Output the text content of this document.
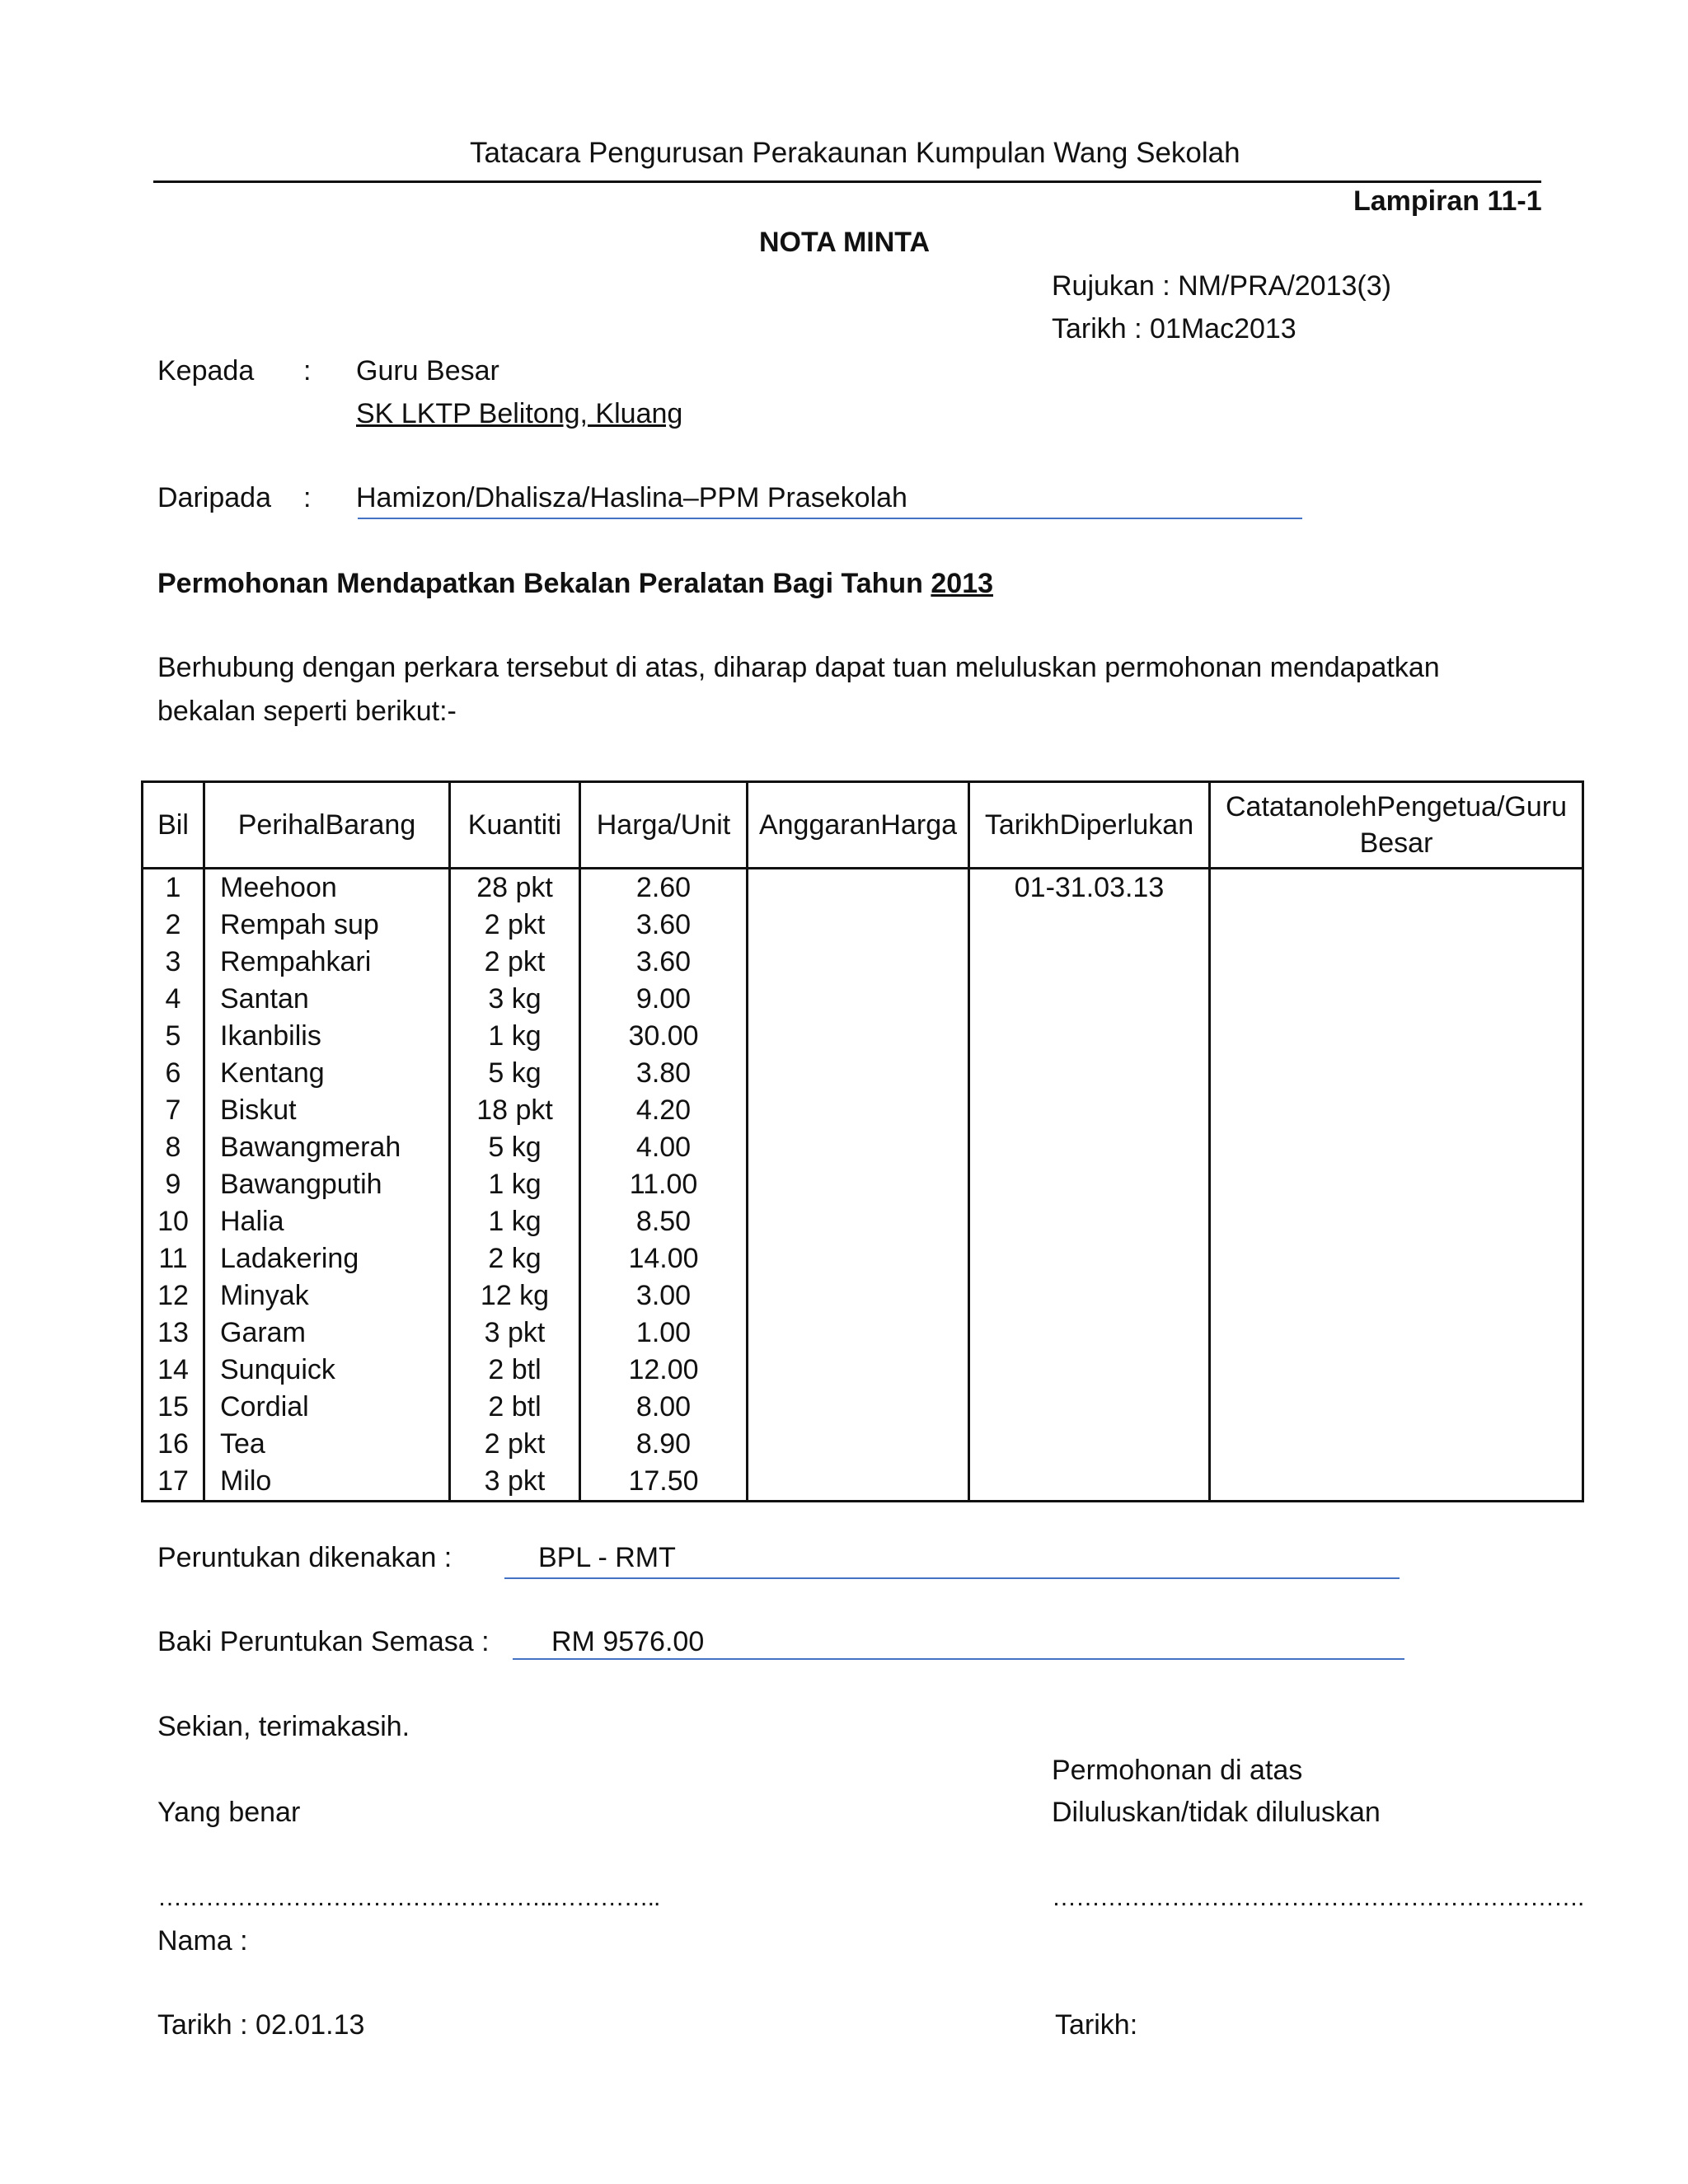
Tatacara Pengurusan Perakaunan Kumpulan Wang Sekolah
Lampiran 11-1
NOTA MINTA
Rujukan : NM/PRA/2013(3)
Tarikh : 01Mac2013
Kepada : Guru Besar
SK LKTP Belitong, Kluang
Daripada : Hamizon/Dhalisza/Haslina–PPM Prasekolah
Permohonan Mendapatkan Bekalan Peralatan Bagi Tahun 2013
Berhubung dengan perkara tersebut di atas, diharap dapat tuan meluluskan permohonan mendapatkan
bekalan seperti berikut:-
Bil	PerihalBarang	Kuantiti	Harga/Unit	AnggaranHarga	TarikhDiperlukan	CatatanolehPengetua/Guru
Besar
1	Meehoon	28 pkt	2.60		01-31.03.13	
2	Rempah sup	2 pkt	3.60			
3	Rempahkari	2 pkt	3.60			
4	Santan	3 kg	9.00			
5	Ikanbilis	1 kg	30.00			
6	Kentang	5 kg	3.80			
7	Biskut	18 pkt	4.20			
8	Bawangmerah	5 kg	4.00			
9	Bawangputih	1 kg	11.00			
10	Halia	1 kg	8.50			
11	Ladakering	2 kg	14.00			
12	Minyak	12 kg	3.00			
13	Garam	3 pkt	1.00			
14	Sunquick	2 btl	12.00			
15	Cordial	2 btl	8.00			
16	Tea	2 pkt	8.90			
17	Milo	3 pkt	17.50			
Peruntukan dikenakan :	BPL - RMT
Baki Peruntukan Semasa : RM 9576.00
Sekian, terimakasih.
Permohonan di atas
Yang benar	Diluluskan/tidak diluluskan
…………………………………………..…………..	………………………………………………………….
Nama :
Tarikh : 02.01.13	Tarikh:
